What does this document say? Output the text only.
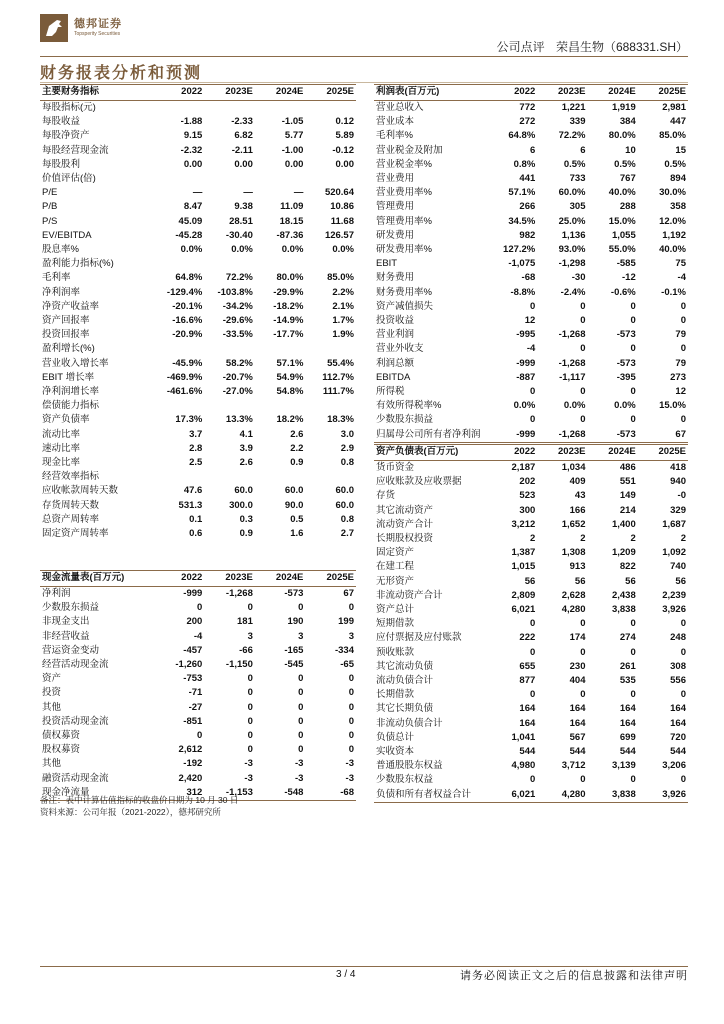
德邦证券
Topsperity Securities
公司点评 荣昌生物（688331.SH）
财务报表分析和预测
主要财务指标	2022	2023E	2024E	2025E
每股指标(元)				
每股收益	-1.88	-2.33	-1.05	0.12
每股净资产	9.15	6.82	5.77	5.89
每股经营现金流	-2.32	-2.11	-1.00	-0.12
每股股利	0.00	0.00	0.00	0.00
价值评估(倍)				
P/E	—	—	—	520.64
P/B	8.47	9.38	11.09	10.86
P/S	45.09	28.51	18.15	11.68
EV/EBITDA	-45.28	-30.40	-87.36	126.57
股息率%	0.0%	0.0%	0.0%	0.0%
盈利能力指标(%)				
毛利率	64.8%	72.2%	80.0%	85.0%
净利润率	-129.4%	-103.8%	-29.9%	2.2%
净资产收益率	-20.1%	-34.2%	-18.2%	2.1%
资产回报率	-16.6%	-29.6%	-14.9%	1.7%
投资回报率	-20.9%	-33.5%	-17.7%	1.9%
盈利增长(%)				
营业收入增长率	-45.9%	58.2%	57.1%	55.4%
EBIT 增长率	-469.9%	-20.7%	54.9%	112.7%
净利润增长率	-461.6%	-27.0%	54.8%	111.7%
偿债能力指标				
资产负债率	17.3%	13.3%	18.2%	18.3%
流动比率	3.7	4.1	2.6	3.0
速动比率	2.8	3.9	2.2	2.9
现金比率	2.5	2.6	0.9	0.8
经营效率指标				
应收帐款周转天数	47.6	60.0	60.0	60.0
存货周转天数	531.3	300.0	90.0	60.0
总资产周转率	0.1	0.3	0.5	0.8
固定资产周转率	0.6	0.9	1.6	2.7

现金流量表(百万元)	2022	2023E	2024E	2025E
净利润	-999	-1,268	-573	67
少数股东损益	0	0	0	0
非现金支出	200	181	190	199
非经营收益	-4	3	3	3
营运资金变动	-457	-66	-165	-334
经营活动现金流	-1,260	-1,150	-545	-65
资产	-753	0	0	0
投资	-71	0	0	0
其他	-27	0	0	0
投资活动现金流	-851	0	0	0
债权募资	0	0	0	0
股权募资	2,612	0	0	0
其他	-192	-3	-3	-3
融资活动现金流	2,420	-3	-3	-3
现金净流量	312	-1,153	-548	-68
利润表(百万元)	2022	2023E	2024E	2025E
营业总收入	772	1,221	1,919	2,981
营业成本	272	339	384	447
毛利率%	64.8%	72.2%	80.0%	85.0%
营业税金及附加	6	6	10	15
营业税金率%	0.8%	0.5%	0.5%	0.5%
营业费用	441	733	767	894
营业费用率%	57.1%	60.0%	40.0%	30.0%
管理费用	266	305	288	358
管理费用率%	34.5%	25.0%	15.0%	12.0%
研发费用	982	1,136	1,055	1,192
研发费用率%	127.2%	93.0%	55.0%	40.0%
EBIT	-1,075	-1,298	-585	75
财务费用	-68	-30	-12	-4
财务费用率%	-8.8%	-2.4%	-0.6%	-0.1%
资产减值损失	0	0	0	0
投资收益	12	0	0	0
营业利润	-995	-1,268	-573	79
营业外收支	-4	0	0	0
利润总额	-999	-1,268	-573	79
EBITDA	-887	-1,117	-395	273
所得税	0	0	0	12
有效所得税率%	0.0%	0.0%	0.0%	15.0%
少数股东损益	0	0	0	0
归属母公司所有者净利润	-999	-1,268	-573	67
资产负债表(百万元)	2022	2023E	2024E	2025E
货币资金	2,187	1,034	486	418
应收账款及应收票据	202	409	551	940
存货	523	43	149	-0
其它流动资产	300	166	214	329
流动资产合计	3,212	1,652	1,400	1,687
长期股权投资	2	2	2	2
固定资产	1,387	1,308	1,209	1,092
在建工程	1,015	913	822	740
无形资产	56	56	56	56
非流动资产合计	2,809	2,628	2,438	2,239
资产总计	6,021	4,280	3,838	3,926
短期借款	0	0	0	0
应付票据及应付账款	222	174	274	248
预收账款	0	0	0	0
其它流动负债	655	230	261	308
流动负债合计	877	404	535	556
长期借款	0	0	0	0
其它长期负债	164	164	164	164
非流动负债合计	164	164	164	164
负债总计	1,041	567	699	720
实收资本	544	544	544	544
普通股股东权益	4,980	3,712	3,139	3,206
少数股东权益	0	0	0	0
负债和所有者权益合计	6,021	4,280	3,838	3,926
备注：表中计算估值指标的收盘价日期为 10 月 30 日
资料来源：公司年报（2021-2022），德邦研究所
3 / 4	请务必阅读正文之后的信息披露和法律声明
